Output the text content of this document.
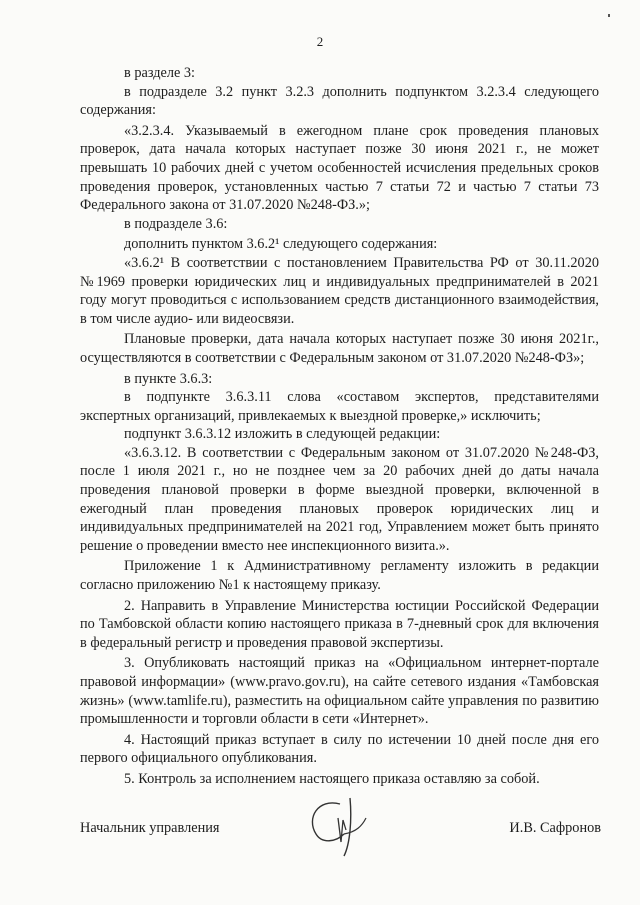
2

в разделе 3:

в подразделе 3.2 пункт 3.2.3 дополнить подпунктом 3.2.3.4 следующего содержания:

«3.2.3.4. Указываемый в ежегодном плане срок проведения плановых проверок, дата начала которых наступает позже 30 июня 2021 г., не может превышать 10 рабочих дней с учетом особенностей исчисления предельных сроков проведения проверок, установленных частью 7 статьи 72 и частью 7 статьи 73 Федерального закона от 31.07.2020 №248-ФЗ.»;

в подразделе 3.6:

дополнить пунктом 3.6.2¹ следующего содержания:

«3.6.2¹ В соответствии с постановлением Правительства РФ от 30.11.2020 №1969 проверки юридических лиц и индивидуальных предпринимателей в 2021 году могут проводиться с использованием средств дистанционного взаимодействия, в том числе аудио- или видеосвязи.

Плановые проверки, дата начала которых наступает позже 30 июня 2021г., осуществляются в соответствии с Федеральным законом от 31.07.2020 №248-ФЗ»;

в пункте 3.6.3:

в подпункте 3.6.3.11 слова «составом экспертов, представителями экспертных организаций, привлекаемых к выездной проверке,» исключить;

подпункт 3.6.3.12 изложить в следующей редакции:

«3.6.3.12. В соответствии с Федеральным законом от 31.07.2020 №248-ФЗ, после 1 июля 2021 г., но не позднее чем за 20 рабочих дней до даты начала проведения плановой проверки в форме выездной проверки, включенной в ежегодный план проведения плановых проверок юридических лиц и индивидуальных предпринимателей на 2021 год, Управлением может быть принято решение о проведении вместо нее инспекционного визита.».

Приложение 1 к Административному регламенту изложить в редакции согласно приложению №1 к настоящему приказу.

2. Направить в Управление Министерства юстиции Российской Федерации по Тамбовской области копию настоящего приказа в 7-дневный срок для включения в федеральный регистр и проведения правовой экспертизы.

3. Опубликовать настоящий приказ на «Официальном интернет-портале правовой информации» (www.pravo.gov.ru), на сайте сетевого издания «Тамбовская жизнь» (www.tamlife.ru), разместить на официальном сайте управления по развитию промышленности и торговли области в сети «Интернет».

4. Настоящий приказ вступает в силу по истечении 10 дней после дня его первого официального опубликования.

5. Контроль за исполнением настоящего приказа оставляю за собой.

Начальник управления	И.В. Сафронов
